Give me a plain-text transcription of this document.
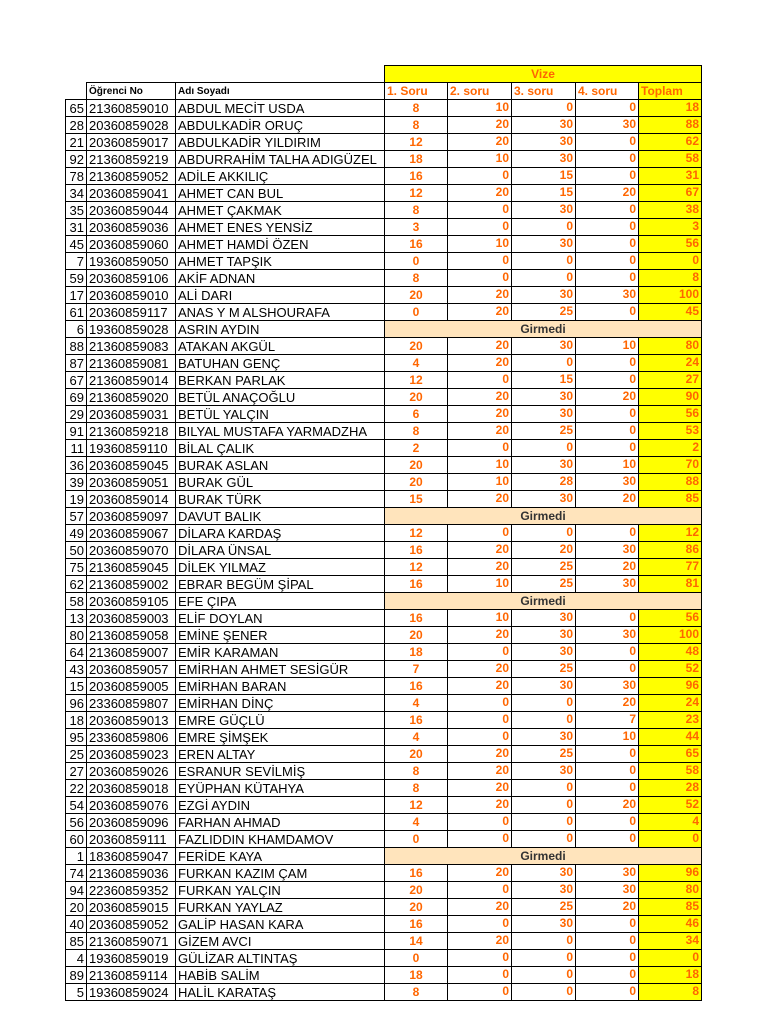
			Vize				
	Öğrenci No	Adı Soyadı	1. Soru	2. soru	3. soru	4. soru	Toplam
65	21360859010	ABDUL MECİT USDA	8	10	0	0	18
28	20360859028	ABDULKADİR ORUÇ	8	20	30	30	88
21	20360859017	ABDULKADİR YILDIRIM	12	20	30	0	62
92	21360859219	ABDURRAHİM TALHA ADIGÜZEL	18	10	30	0	58
78	21360859052	ADİLE AKKILIÇ	16	0	15	0	31
34	20360859041	AHMET CAN BUL	12	20	15	20	67
35	20360859044	AHMET ÇAKMAK	8	0	30	0	38
31	20360859036	AHMET ENES YENSİZ	3	0	0	0	3
45	20360859060	AHMET HAMDİ ÖZEN	16	10	30	0	56
7	19360859050	AHMET TAPŞIK	0	0	0	0	0
59	20360859106	AKİF ADNAN	8	0	0	0	8
17	20360859010	ALİ DARI	20	20	30	30	100
61	20360859117	ANAS Y M ALSHOURAFA	0	20	25	0	45
6	19360859028	ASRIN AYDIN	Girmedi				
88	21360859083	ATAKAN AKGÜL	20	20	30	10	80
87	21360859081	BATUHAN GENÇ	4	20	0	0	24
67	21360859014	BERKAN PARLAK	12	0	15	0	27
69	21360859020	BETÜL ANAÇOĞLU	20	20	30	20	90
29	20360859031	BETÜL YALÇIN	6	20	30	0	56
91	21360859218	BILYAL MUSTAFA YARMADZHA	8	20	25	0	53
11	19360859110	BİLAL ÇALIK	2	0	0	0	2
36	20360859045	BURAK ASLAN	20	10	30	10	70
39	20360859051	BURAK GÜL	20	10	28	30	88
19	20360859014	BURAK TÜRK	15	20	30	20	85
57	20360859097	DAVUT BALIK	Girmedi				
49	20360859067	DİLARA KARDAŞ	12	0	0	0	12
50	20360859070	DİLARA ÜNSAL	16	20	20	30	86
75	21360859045	DİLEK YILMAZ	12	20	25	20	77
62	21360859002	EBRAR BEGÜM ŞİPAL	16	10	25	30	81
58	20360859105	EFE ÇIPA	Girmedi				
13	20360859003	ELİF DOYLAN	16	10	30	0	56
80	21360859058	EMİNE ŞENER	20	20	30	30	100
64	21360859007	EMİR KARAMAN	18	0	30	0	48
43	20360859057	EMİRHAN AHMET SESİGÜR	7	20	25	0	52
15	20360859005	EMİRHAN BARAN	16	20	30	30	96
96	23360859807	EMİRHAN DİNÇ	4	0	0	20	24
18	20360859013	EMRE GÜÇLÜ	16	0	0	7	23
95	23360859806	EMRE ŞİMŞEK	4	0	30	10	44
25	20360859023	EREN ALTAY	20	20	25	0	65
27	20360859026	ESRANUR SEVİLMİŞ	8	20	30	0	58
22	20360859018	EYÜPHAN KÜTAHYA	8	20	0	0	28
54	20360859076	EZGİ AYDIN	12	20	0	20	52
56	20360859096	FARHAN AHMAD	4	0	0	0	4
60	20360859111	FAZLIDDIN KHAMDAMOV	0	0	0	0	0
1	18360859047	FERİDE KAYA	Girmedi				
74	21360859036	FURKAN KAZIM ÇAM	16	20	30	30	96
94	22360859352	FURKAN YALÇIN	20	0	30	30	80
20	20360859015	FURKAN YAYLAZ	20	20	25	20	85
40	20360859052	GALİP HASAN KARA	16	0	30	0	46
85	21360859071	GİZEM AVCI	14	20	0	0	34
4	19360859019	GÜLİZAR ALTINTAŞ	0	0	0	0	0
89	21360859114	HABİB SALİM	18	0	0	0	18
5	19360859024	HALİL KARATAŞ	8	0	0	0	8
